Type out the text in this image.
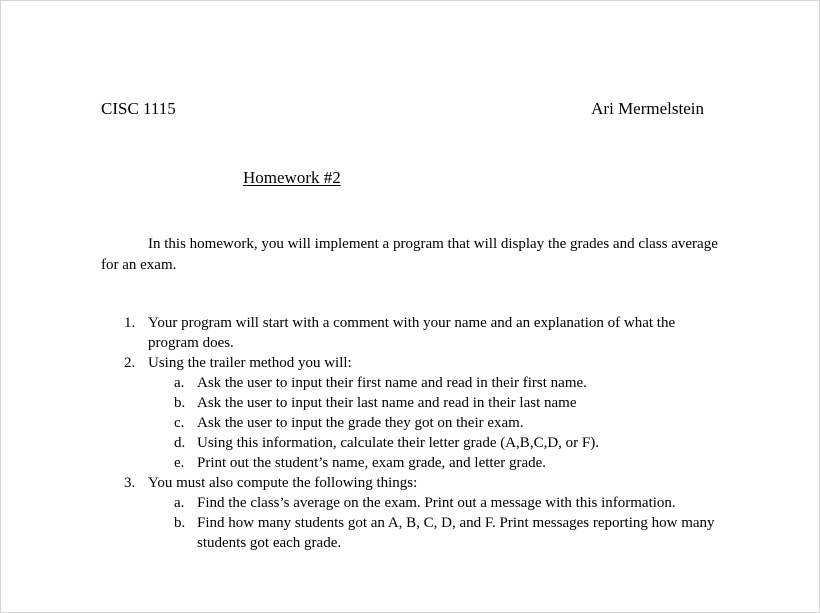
CISC 1115	Ari Mermelstein
Homework #2

In this homework, you will implement a program that will display the grades and class average for an exam.

1. Your program will start with a comment with your name and an explanation of what the program does.
2. Using the trailer method you will:
a. Ask the user to input their first name and read in their first name.
b. Ask the user to input their last name and read in their last name
c. Ask the user to input the grade they got on their exam.
d. Using this information, calculate their letter grade (A,B,C,D, or F).
e. Print out the student’s name, exam grade, and letter grade.
3. You must also compute the following things:
a. Find the class’s average on the exam. Print out a message with this information.
b. Find how many students got an A, B, C, D, and F. Print messages reporting how many students got each grade.
